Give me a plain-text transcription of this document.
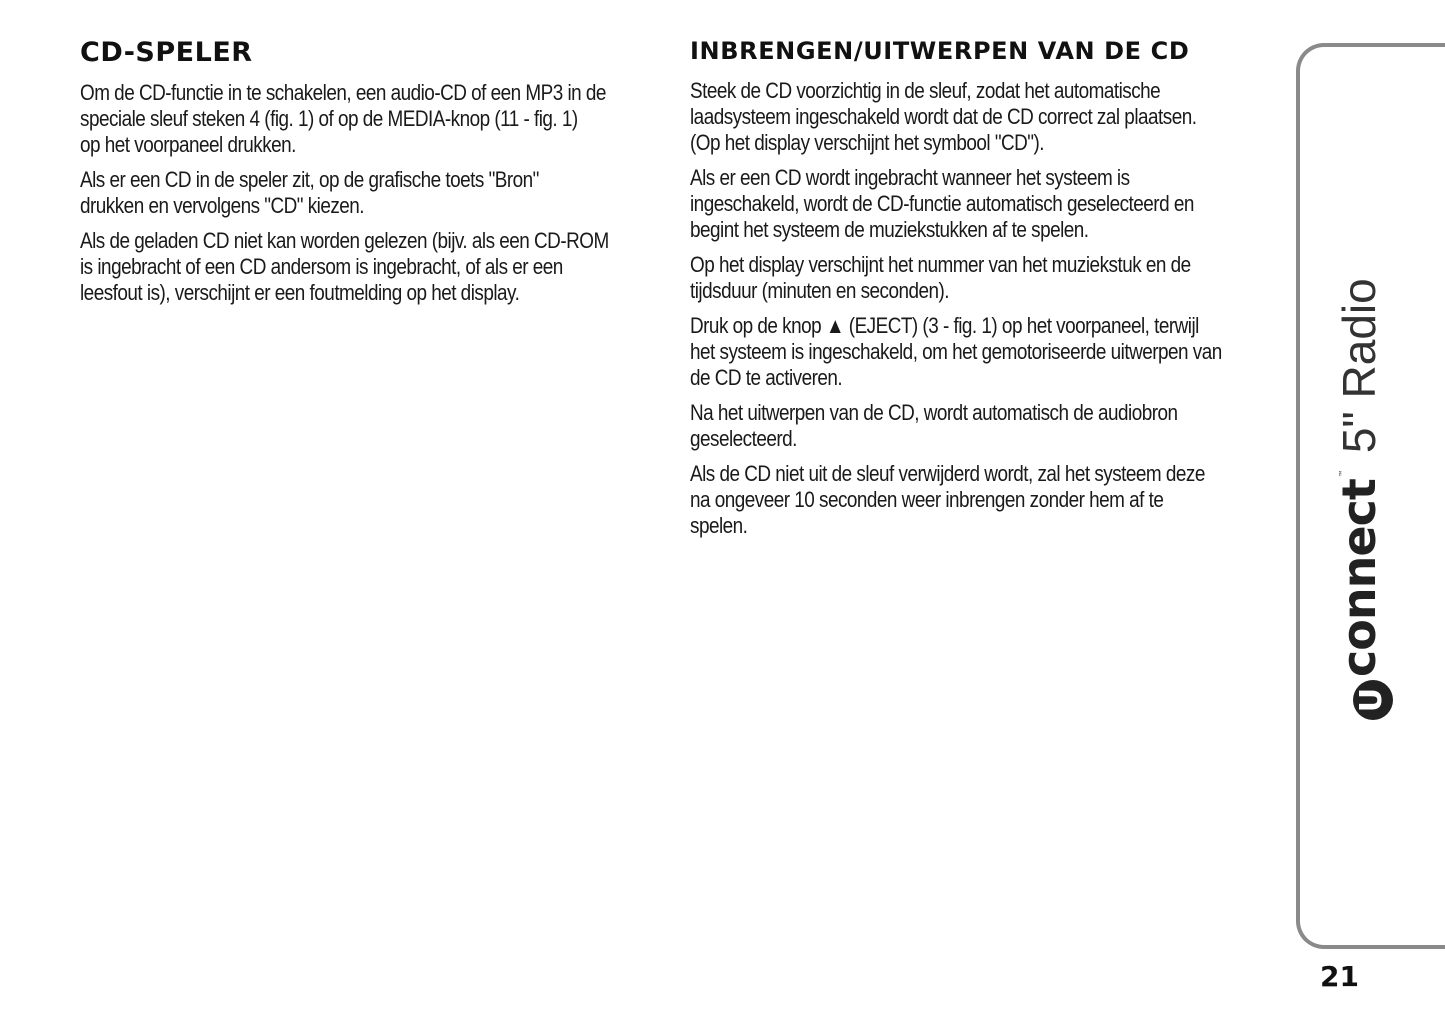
CD-SPELER

Om de CD-functie in te schakelen, een audio-CD of een MP3 in de
speciale sleuf steken 4 (fig. 1) of op de MEDIA-knop (11 - fig. 1)
op het voorpaneel drukken.

Als er een CD in de speler zit, op de grafische toets "Bron"
drukken en vervolgens "CD" kiezen.

Als de geladen CD niet kan worden gelezen (bijv. als een CD-ROM
is ingebracht of een CD andersom is ingebracht, of als er een
leesfout is), verschijnt er een foutmelding op het display.

INBRENGEN/UITWERPEN VAN DE CD

Steek de CD voorzichtig in de sleuf, zodat het automatische
laadsysteem ingeschakeld wordt dat de CD correct zal plaatsen.
(Op het display verschijnt het symbool "CD").

Als er een CD wordt ingebracht wanneer het systeem is
ingeschakeld, wordt de CD-functie automatisch geselecteerd en
begint het systeem de muziekstukken af te spelen.

Op het display verschijnt het nummer van het muziekstuk en de
tijdsduur (minuten en seconden).

Druk op de knop ▲ (EJECT) (3 - fig. 1) op het voorpaneel, terwijl
het systeem is ingeschakeld, om het gemotoriseerde uitwerpen van
de CD te activeren.

Na het uitwerpen van de CD, wordt automatisch de audiobron
geselecteerd.

Als de CD niet uit de sleuf verwijderd wordt, zal het systeem deze
na ongeveer 10 seconden weer inbrengen zonder hem af te
spelen.

U
connect
™
5" Radio
21
